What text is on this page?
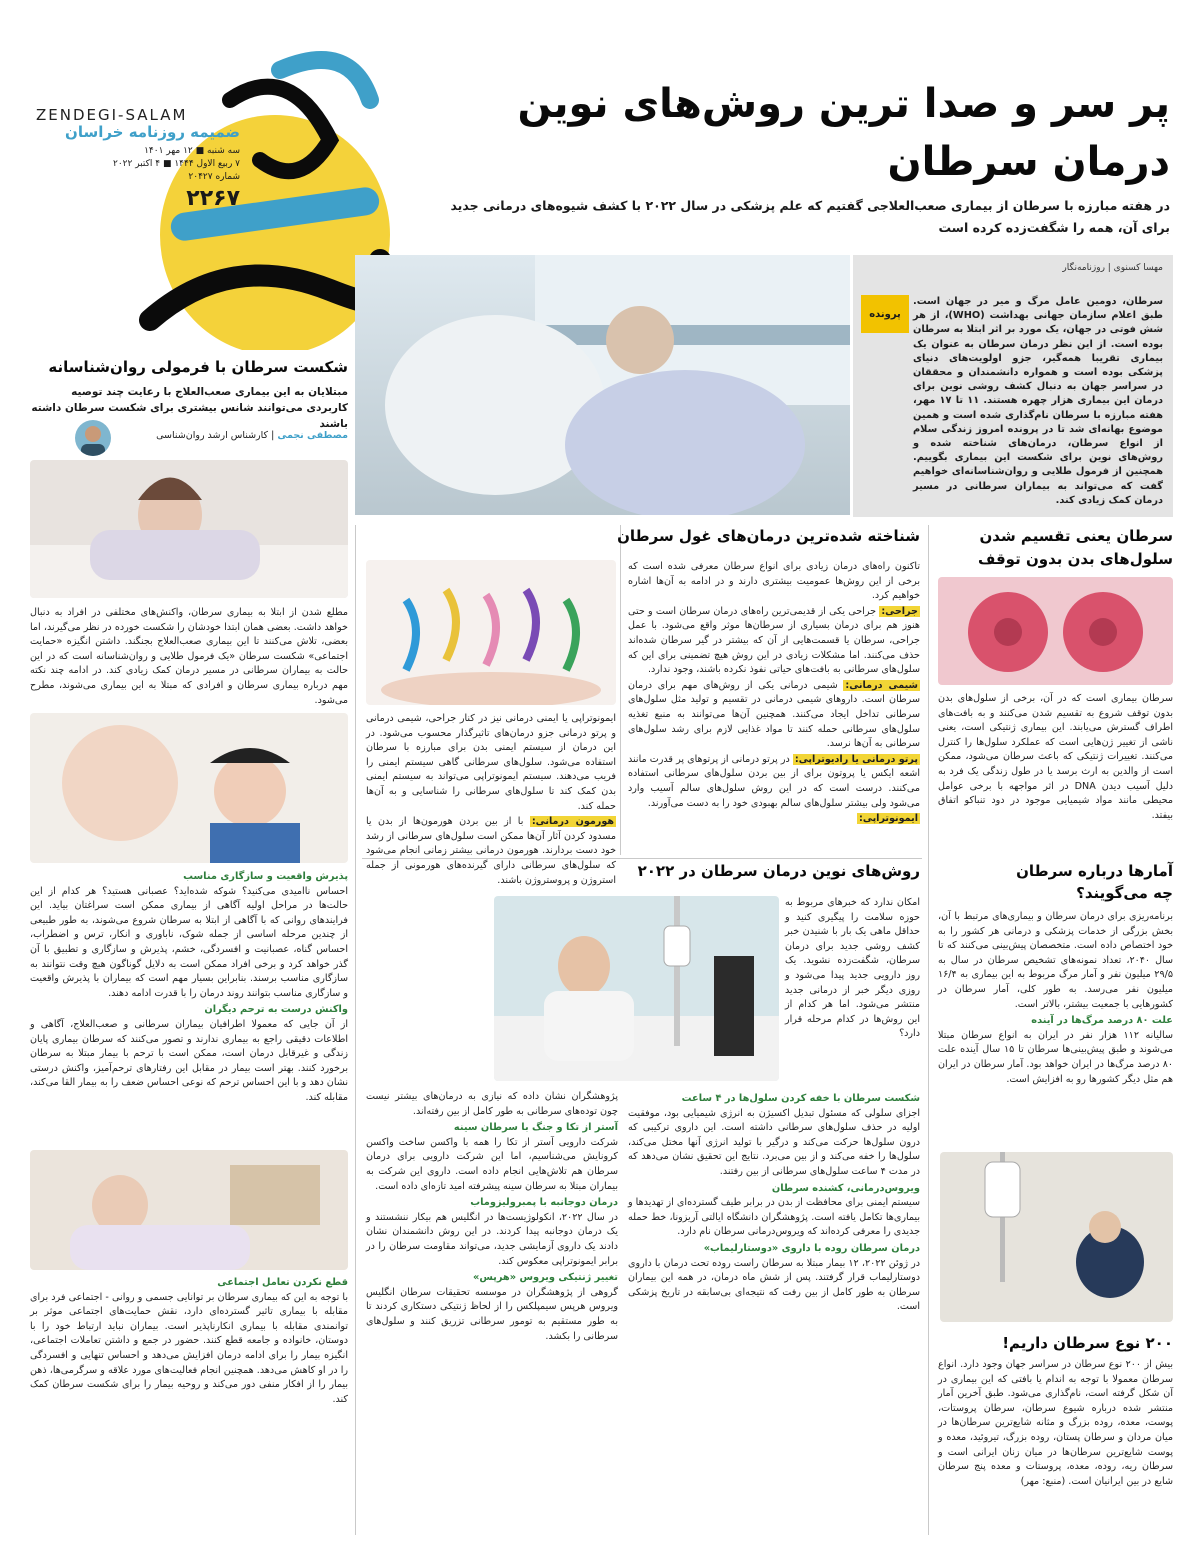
ZENDEGI-SALAM
ضمیمه روزنامه خراسان
سه شنبه ■ ۱۲ مهر ۱۴۰۱
۷ ربیع الاول ۱۴۴۴ ■ ۴ اکتبر ۲۰۲۲
شماره ۲۰۴۲۷
۲۲۶۷
پر سر و صدا ترین روش‌های نوین
درمان سرطان
در هفته مبارزه با سرطان از بیماری صعب‌العلاجی گفتیم که علم پزشکی در سال ۲۰۲۲ با کشف شیوه‌های درمانی جدید
برای آن، همه را شگفت‌زده کرده است
مهسا کسنوی | روزنامه‌نگار
پرونده
سرطان، دومین عامل مرگ و میر در جهان است. طبق اعلام سازمان جهانی بهداشت (WHO)، از هر شش فوتی در جهان، یک مورد بر اثر ابتلا به سرطان بوده است. از این نظر درمان سرطان به عنوان یک بیماری تقریبا همه‌گیر، جزو اولویت‌های دنیای پزشکی بوده است و همواره دانشمندان و محققان در سراسر جهان به دنبال کشف روشی نوین برای درمان این بیماری هزار چهره هستند. ۱۱ تا ۱۷ مهر، هفته مبارزه با سرطان نام‌گذاری شده است و همین موضوع بهانه‌ای شد تا در پرونده امروز زندگی سلام از انواع سرطان، درمان‌های شناخته شده و روش‌های نوین برای شکست این بیماری بگوییم. همچنین از فرمول طلایی و روان‌شناسانه‌ای خواهیم گفت که می‌تواند به بیماران سرطانی در مسیر درمان کمک زیادی کند.
شکست سرطان با فرمولی روان‌شناسانه
مبتلایان به این بیماری صعب‌العلاج با رعایت چند توصیه کاربردی می‌توانند شانس بیشتری برای شکست سرطان داشته باشند
مصطفی نجمی | کارشناس ارشد روان‌شناسی
مطلع شدن از ابتلا به بیماری سرطان، واکنش‌های مختلفی در افراد به دنبال خواهد داشت. بعضی همان ابتدا خودشان را شکست خورده در نظر می‌گیرند، اما بعضی، تلاش می‌کنند تا این بیماری صعب‌العلاج بجنگند. داشتن انگیزه «حمایت اجتماعی» شکست سرطان «یک فرمول طلایی و روان‌شناسانه است که در این حالت به بیماران سرطانی در مسیر درمان کمک زیادی کند. در ادامه چند نکته مهم درباره بیماری سرطان و افرادی که مبتلا به این بیماری می‌شوند، مطرح می‌شود.
پذیرش واقعیت و سازگاری مناسب

احساس ناامیدی می‌کنید؟ شوکه شده‌اید؟ عصبانی هستید؟ هر کدام از این حالت‌ها در مراحل اولیه آگاهی از بیماری ممکن است سراغتان بیاید. این فرایندهای روانی که با آگاهی از ابتلا به سرطان شروع می‌شوند، به طور طبیعی از چندین مرحله اساسی از جمله شوک، ناباوری و انکار، ترس و اضطراب، احساس گناه، عصبانیت و افسردگی، خشم، پذیرش و سازگاری و تطبیق با آن گذر خواهد کرد و برخی افراد ممکن است به دلایل گوناگون هیچ وقت نتوانند به سازگاری مناسب برسند. بنابراین بسیار مهم است که بیماران با پذیرش واقعیت و سازگاری مناسب بتوانند روند درمان را با قدرت ادامه دهند.

واکنش درست به ترحم دیگران

از آن جایی که معمولا اطرافیان بیماران سرطانی و صعب‌العلاج، آگاهی و اطلاعات دقیقی راجع به بیماری ندارند و تصور می‌کنند که سرطان بیماری پایان زندگی و غیرقابل درمان است، ممکن است با ترحم با بیمار مبتلا به سرطان برخورد کنند. بهتر است بیمار در مقابل این رفتارهای ترحم‌آمیز، واکنش درستی نشان دهد و با این احساس ترحم که نوعی احساس ضعف را به بیمار القا می‌کند، مقابله کند.

قطع نکردن تعامل اجتماعی

با توجه به این که بیماری سرطان بر توانایی جسمی و روانی - اجتماعی فرد برای مقابله با بیماری تاثیر گسترده‌ای دارد، نقش حمایت‌های اجتماعی موثر بر توانمندی مقابله با بیماری انکارناپذیر است. بیماران نباید ارتباط خود را با دوستان، خانواده و جامعه قطع کنند. حضور در جمع و داشتن تعاملات اجتماعی، انگیزه بیمار را برای ادامه درمان افزایش می‌دهد و احساس تنهایی و افسردگی را در او کاهش می‌دهد. همچنین انجام فعالیت‌های مورد علاقه و سرگرمی‌ها، ذهن بیمار را از افکار منفی دور می‌کند و روحیه بیمار را برای شکست سرطان کمک کند.

شناخته شده‌ترین درمان‌های غول سرطان

تاکنون راه‌های درمان زیادی برای انواع سرطان معرفی شده است که برخی از این روش‌ها عمومیت بیشتری دارند و در ادامه به آن‌ها اشاره خواهیم کرد.

جراحی: جراحی یکی از قدیمی‌ترین راه‌های درمان سرطان است و حتی هنوز هم برای درمان بسیاری از سرطان‌ها موثر واقع می‌شود. با عمل جراحی، سرطان یا قسمت‌هایی از آن که بیشتر در گیر سرطان شده‌اند حذف می‌کنند. اما مشکلات زیادی در این روش هیچ تضمینی برای این که سلول‌های سرطانی به بافت‌های حیاتی نفوذ نکرده باشند، وجود ندارد.

شیمی درمانی: شیمی درمانی یکی از روش‌های مهم برای درمان سرطان است. داروهای شیمی درمانی در تقسیم و تولید مثل سلول‌های سرطانی تداخل ایجاد می‌کنند. همچنین آن‌ها می‌توانند به منبع تغذیه سلول‌های سرطانی حمله کنند تا مواد غذایی لازم برای رشد سلول‌های سرطانی به آن‌ها نرسد.

پرتو درمانی یا رادیوتراپی: در پرتو درمانی از پرتوهای پر قدرت مانند اشعه ایکس یا پروتون برای از بین بردن سلول‌های سرطانی استفاده می‌کنند. درست است که در این روش سلول‌های سالم آسیب وارد می‌شود ولی بیشتر سلول‌های سالم بهبودی خود را به دست می‌آورند.

ایمونوتراپی:

ایمونوتراپی یا ایمنی درمانی نیز در کنار جراحی، شیمی درمانی و پرتو درمانی جزو درمان‌های تاثیرگذار محسوب می‌شود. در این درمان از سیستم ایمنی بدن برای مبارزه با سرطان استفاده می‌شود. سلول‌های سرطانی گاهی سیستم ایمنی را فریب می‌دهند. سیستم ایمونوتراپی می‌تواند به سیستم ایمنی بدن کمک کند تا سلول‌های سرطانی را شناسایی و به آن‌ها حمله کند.

هورمون درمانی: با از بین بردن هورمون‌ها از بدن یا مسدود کردن آثار آن‌ها ممکن است سلول‌های سرطانی از رشد خود دست بردارند. هورمون درمانی بیشتر زمانی انجام می‌شود که سلول‌های سرطانی دارای گیرنده‌های هورمونی از جمله استروژن و پروستروژن باشند.

روش‌های نوین درمان سرطان در ۲۰۲۲
امکان ندارد که خبرهای مربوط به حوزه سلامت را پیگیری کنید و حداقل ماهی یک بار با شنیدن خبر کشف روشی جدید برای درمان سرطان، شگفت‌زده نشوید. یک روز دارویی جدید پیدا می‌شود و روزی دیگر خبر از درمانی جدید منتشر می‌شود. اما هر کدام از این روش‌ها در کدام مرحله قرار دارد؟
شکست سرطان با خفه کردن سلول‌ها در ۴ ساعت

اجزای سلولی که مسئول تبدیل اکسیژن به انرژی شیمیایی بود، موفقیت اولیه در حذف سلول‌های سرطانی داشته است. این داروی ترکیبی که درون سلول‌ها حرکت می‌کند و درگیر با تولید انرژی آنها مختل می‌کند، سلول‌ها را خفه می‌کند و از بین می‌برد. نتایج این تحقیق نشان می‌دهد که در مدت ۴ ساعت سلول‌های سرطانی از بین رفتند.

ویروس‌درمانی، کشنده سرطان

سیستم ایمنی برای محافظت از بدن در برابر طیف گسترده‌ای از تهدیدها و بیماری‌ها تکامل یافته است. پژوهشگران دانشگاه ایالتی آریزونا، خط حمله جدیدی را معرفی کرده‌اند که ویروس‌درمانی سرطان نام دارد.

درمان سرطان روده با داروی «دوستارلیماب»

در ژوئن ۲۰۲۲، ۱۲ بیمار مبتلا به سرطان راست روده تحت درمان با داروی دوستارلیماب قرار گرفتند. پس از شش ماه درمان، در همه این بیماران سرطان به طور کامل از بین رفت که نتیجه‌ای بی‌سابقه در تاریخ پزشکی است.

پژوهشگران نشان داده که نیازی به درمان‌های بیشتر نیست چون توده‌های سرطانی به طور کامل از بین رفته‌اند.

آستر از تکا و جنگ با سرطان سینه

شرکت دارویی آستر از تکا را همه با واکسن ساخت واکسن کرونایش می‌شناسیم، اما این شرکت دارویی برای درمان سرطان هم تلاش‌هایی انجام داده است. داروی این شرکت به بیماران مبتلا به سرطان سینه پیشرفته امید تازه‌ای داده است.

درمان دوجانبه با پمبرولیزوماب

در سال ۲۰۲۲، انکولوژیست‌ها در انگلیس هم بیکار ننشستند و یک درمان دوجانبه پیدا کردند. در این روش دانشمندان نشان دادند یک داروی آزمایشی جدید، می‌تواند مقاومت سرطان را در برابر ایمونوتراپی معکوس کند.

تغییر ژنتیکی ویروس «هرپس»

گروهی از پژوهشگران در موسسه تحقیقات سرطان انگلیس ویروس هرپس سیمپلکس را از لحاظ ژنتیکی دستکاری کردند تا به طور مستقیم به تومور سرطانی تزریق کنند و سلول‌های سرطانی را بکشد.

سرطان یعنی تقسیم شدن
سلول‌های بدن بدون توقف
سرطان بیماری است که در آن، برخی از سلول‌های بدن بدون توقف شروع به تقسیم شدن می‌کنند و به بافت‌های اطراف گسترش می‌یابند. این بیماری ژنتیکی است، یعنی ناشی از تغییر ژن‌هایی است که عملکرد سلول‌ها را کنترل می‌کنند. تغییرات ژنتیکی که باعث سرطان می‌شود، ممکن است از والدین به ارث برسد یا در طول زندگی یک فرد به دلیل آسیب دیدن DNA در اثر مواجهه با برخی عوامل محیطی مانند مواد شیمیایی موجود در دود تنباکو اتفاق بیفتد.
آمارها درباره سرطان
چه می‌گویند؟

برنامه‌ریزی برای درمان سرطان و بیماری‌های مرتبط با آن، بخش بزرگی از خدمات پزشکی و درمانی هر کشور را به خود اختصاص داده است. متخصصان پیش‌بینی می‌کنند که تا سال ۲۰۴۰، تعداد نمونه‌های تشخیص سرطان در سال به ۲۹/۵ میلیون نفر و آمار مرگ مربوط به این بیماری به ۱۶/۴ میلیون نفر می‌رسد. به طور کلی، آمار سرطان در کشورهایی با جمعیت بیشتر، بالاتر است.

علت ۸۰ درصد مرگ‌ها در آینده

سالیانه ۱۱۲ هزار نفر در ایران به انواع سرطان مبتلا می‌شوند و طبق پیش‌بینی‌ها سرطان تا ۱۵ سال آینده علت ۸۰ درصد مرگ‌ها در ایران خواهد بود. آمار سرطان در ایران هم مثل دیگر کشورها رو به افزایش است.

۲۰۰ نوع سرطان داریم!
بیش از ۲۰۰ نوع سرطان در سراسر جهان وجود دارد. انواع سرطان معمولا با توجه به اندام یا بافتی که این بیماری در آن شکل گرفته است، نام‌گذاری می‌شود. طبق آخرین آمار منتشر شده درباره شیوع سرطان، سرطان پروستات، پوست، معده، روده بزرگ و مثانه شایع‌ترین سرطان‌ها در میان مردان و سرطان پستان، روده بزرگ، تیروئید، معده و پوست شایع‌ترین سرطان‌ها در میان زنان ایرانی است و سرطان ریه، روده، معده، پروستات و معده پنج سرطان شایع در بین ایرانیان است. (منبع: مهر)
